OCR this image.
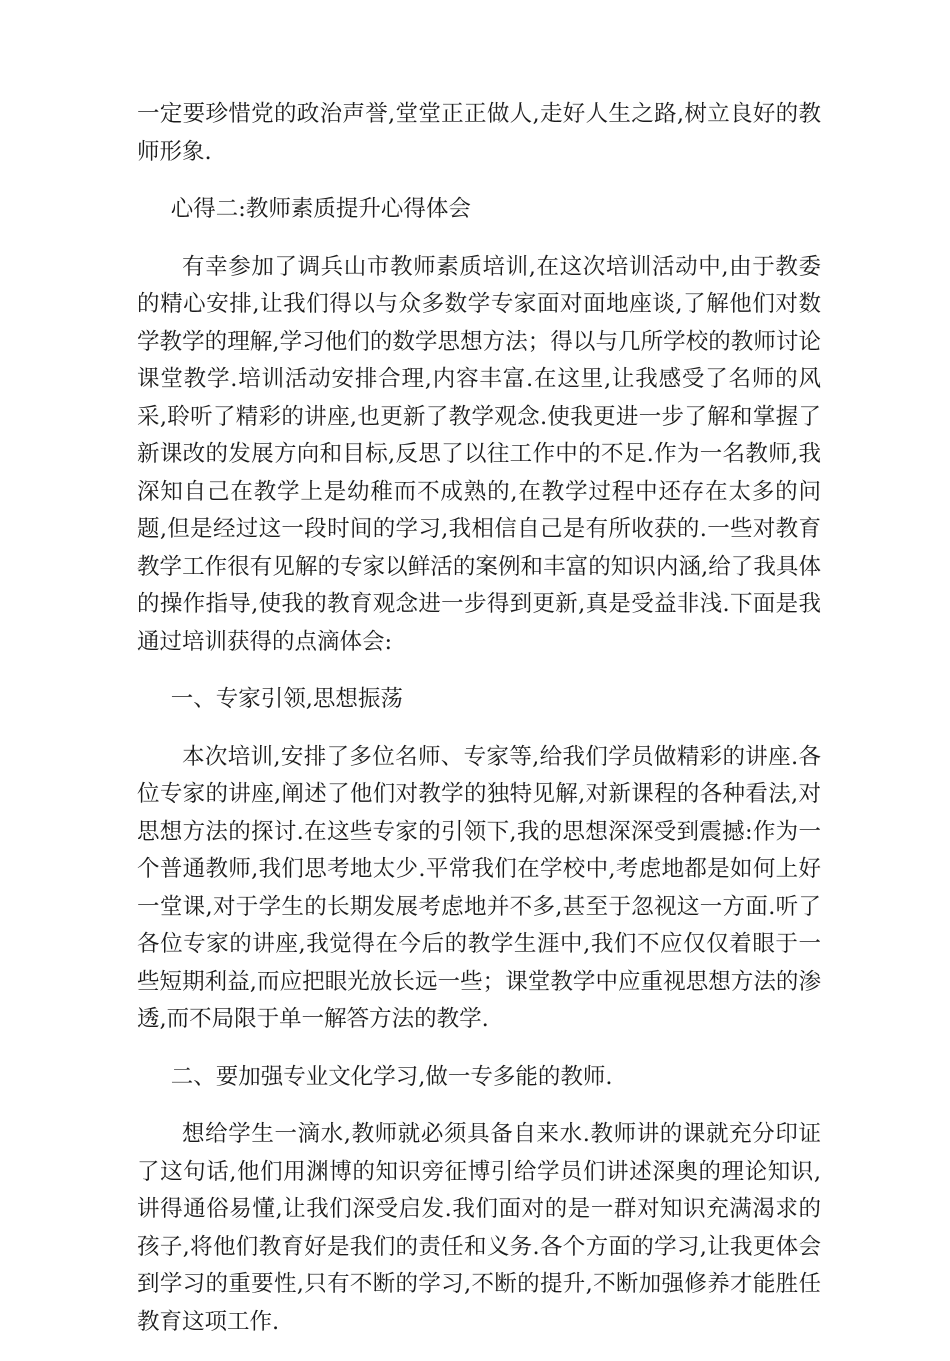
一定要珍惜党的政治声誉,堂堂正正做人,走好人生之路,树立良好的教师形象.

心得二:教师素质提升心得体会

有幸参加了调兵山市教师素质培训,在这次培训活动中,由于教委的精心安排,让我们得以与众多数学专家面对面地座谈,了解他们对数学教学的理解,学习他们的数学思想方法；得以与几所学校的教师讨论课堂教学.培训活动安排合理,内容丰富.在这里,让我感受了名师的风采,聆听了精彩的讲座,也更新了教学观念.使我更进一步了解和掌握了新课改的发展方向和目标,反思了以往工作中的不足.作为一名教师,我深知自己在教学上是幼稚而不成熟的,在教学过程中还存在太多的问题,但是经过这一段时间的学习,我相信自己是有所收获的.一些对教育教学工作很有见解的专家以鲜活的案例和丰富的知识内涵,给了我具体的操作指导,使我的教育观念进一步得到更新,真是受益非浅.下面是我通过培训获得的点滴体会:

一、专家引领,思想振荡

本次培训,安排了多位名师、专家等,给我们学员做精彩的讲座.各位专家的讲座,阐述了他们对教学的独特见解,对新课程的各种看法,对思想方法的探讨.在这些专家的引领下,我的思想深深受到震撼:作为一个普通教师,我们思考地太少.平常我们在学校中,考虑地都是如何上好一堂课,对于学生的长期发展考虑地并不多,甚至于忽视这一方面.听了各位专家的讲座,我觉得在今后的教学生涯中,我们不应仅仅着眼于一些短期利益,而应把眼光放长远一些；课堂教学中应重视思想方法的渗透,而不局限于单一解答方法的教学.

二、要加强专业文化学习,做一专多能的教师.

想给学生一滴水,教师就必须具备自来水.教师讲的课就充分印证了这句话,他们用渊博的知识旁征博引给学员们讲述深奥的理论知识,讲得通俗易懂,让我们深受启发.我们面对的是一群对知识充满渴求的孩子,将他们教育好是我们的责任和义务.各个方面的学习,让我更体会到学习的重要性,只有不断的学习,不断的提升,不断加强修养才能胜任教育这项工作.
